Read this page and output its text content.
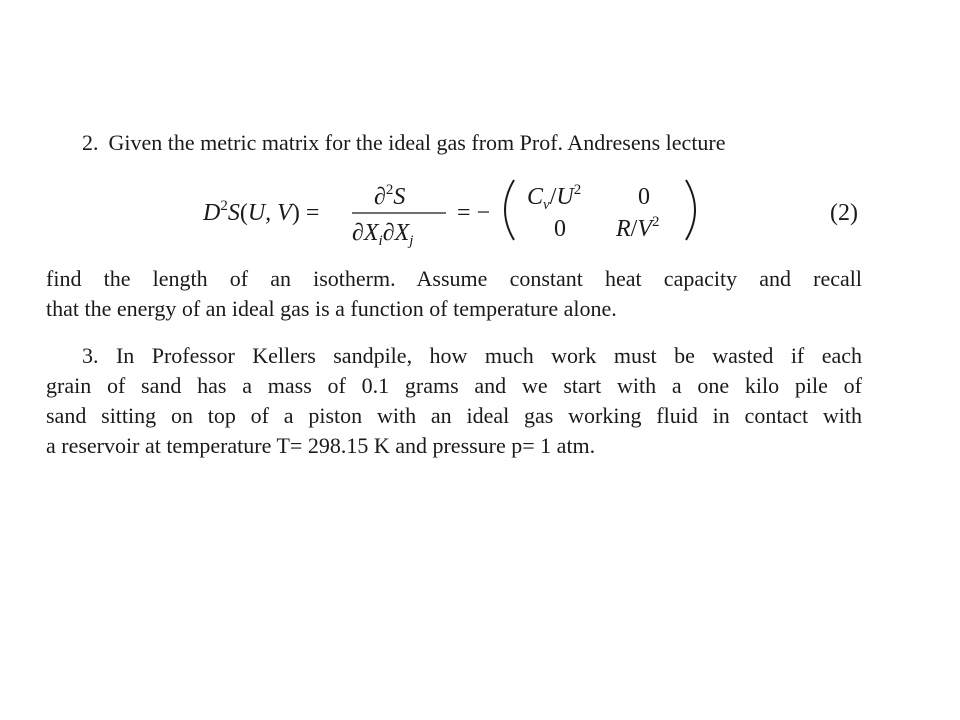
2. Given the metric matrix for the ideal gas from Prof. Andresens lecture
$D^2S(U$, V) =
∂$^2$S
$\partial X_i\partial X_j$
= −
$C_v/U^2$ 0
0 $R/V^2$	(2)
find the length of an isotherm. Assume constant heat capacity and recall
that the energy of an ideal gas is a function of temperature alone.
3. In Professor Kellers sandpile, how much work must be wasted if each
grain of sand has a mass of 0.1 grams and we start with a one kilo pile of
sand sitting on top of a piston with an ideal gas working fluid in contact with
a reservoir at temperature T= 298.15 K and pressure p= 1 atm.
